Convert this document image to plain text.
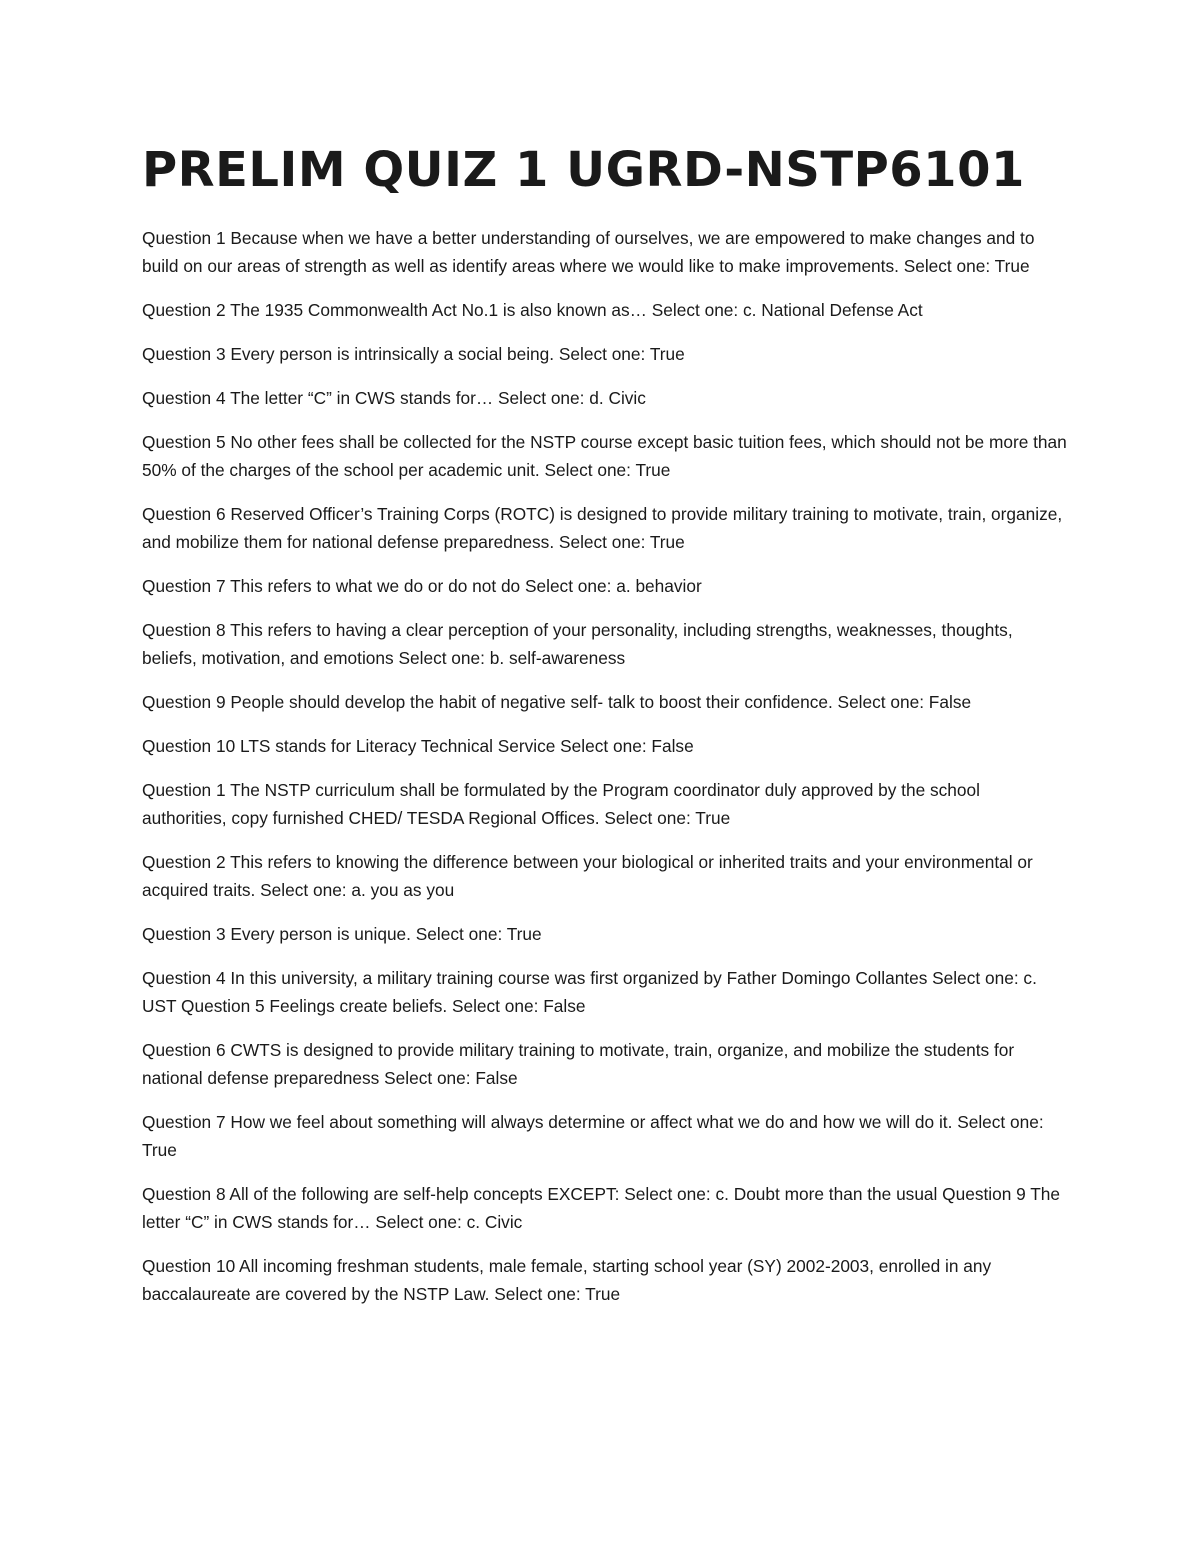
PRELIM QUIZ 1 UGRD-NSTP6101

Question 1 Because when we have a better understanding of ourselves, we are empowered to make changes and to build on our areas of strength as well as identify areas where we would like to make improvements. Select one: True

Question 2 The 1935 Commonwealth Act No.1 is also known as… Select one: c. National Defense Act

Question 3 Every person is intrinsically a social being. Select one: True

Question 4 The letter “C” in CWS stands for… Select one: d. Civic

Question 5 No other fees shall be collected for the NSTP course except basic tuition fees, which should not be more than 50% of the charges of the school per academic unit. Select one: True

Question 6 Reserved Officer’s Training Corps (ROTC) is designed to provide military training to motivate, train, organize, and mobilize them for national defense preparedness. Select one: True

Question 7 This refers to what we do or do not do Select one: a. behavior

Question 8 This refers to having a clear perception of your personality, including strengths, weaknesses, thoughts, beliefs, motivation, and emotions Select one: b. self-awareness

Question 9 People should develop the habit of negative self- talk to boost their confidence. Select one: False

Question 10 LTS stands for Literacy Technical Service Select one: False

Question 1 The NSTP curriculum shall be formulated by the Program coordinator duly approved by the school authorities, copy furnished CHED/ TESDA Regional Offices. Select one: True

Question 2 This refers to knowing the difference between your biological or inherited traits and your environmental or acquired traits. Select one: a. you as you

Question 3 Every person is unique. Select one: True

Question 4 In this university, a military training course was first organized by Father Domingo Collantes Select one: c. UST Question 5 Feelings create beliefs. Select one: False

Question 6 CWTS is designed to provide military training to motivate, train, organize, and mobilize the students for national defense preparedness Select one: False

Question 7 How we feel about something will always determine or affect what we do and how we will do it. Select one: True

Question 8 All of the following are self-help concepts EXCEPT: Select one: c. Doubt more than the usual Question 9 The letter “C” in CWS stands for… Select one: c. Civic

Question 10 All incoming freshman students, male female, starting school year (SY) 2002-2003, enrolled in any baccalaureate are covered by the NSTP Law. Select one: True
